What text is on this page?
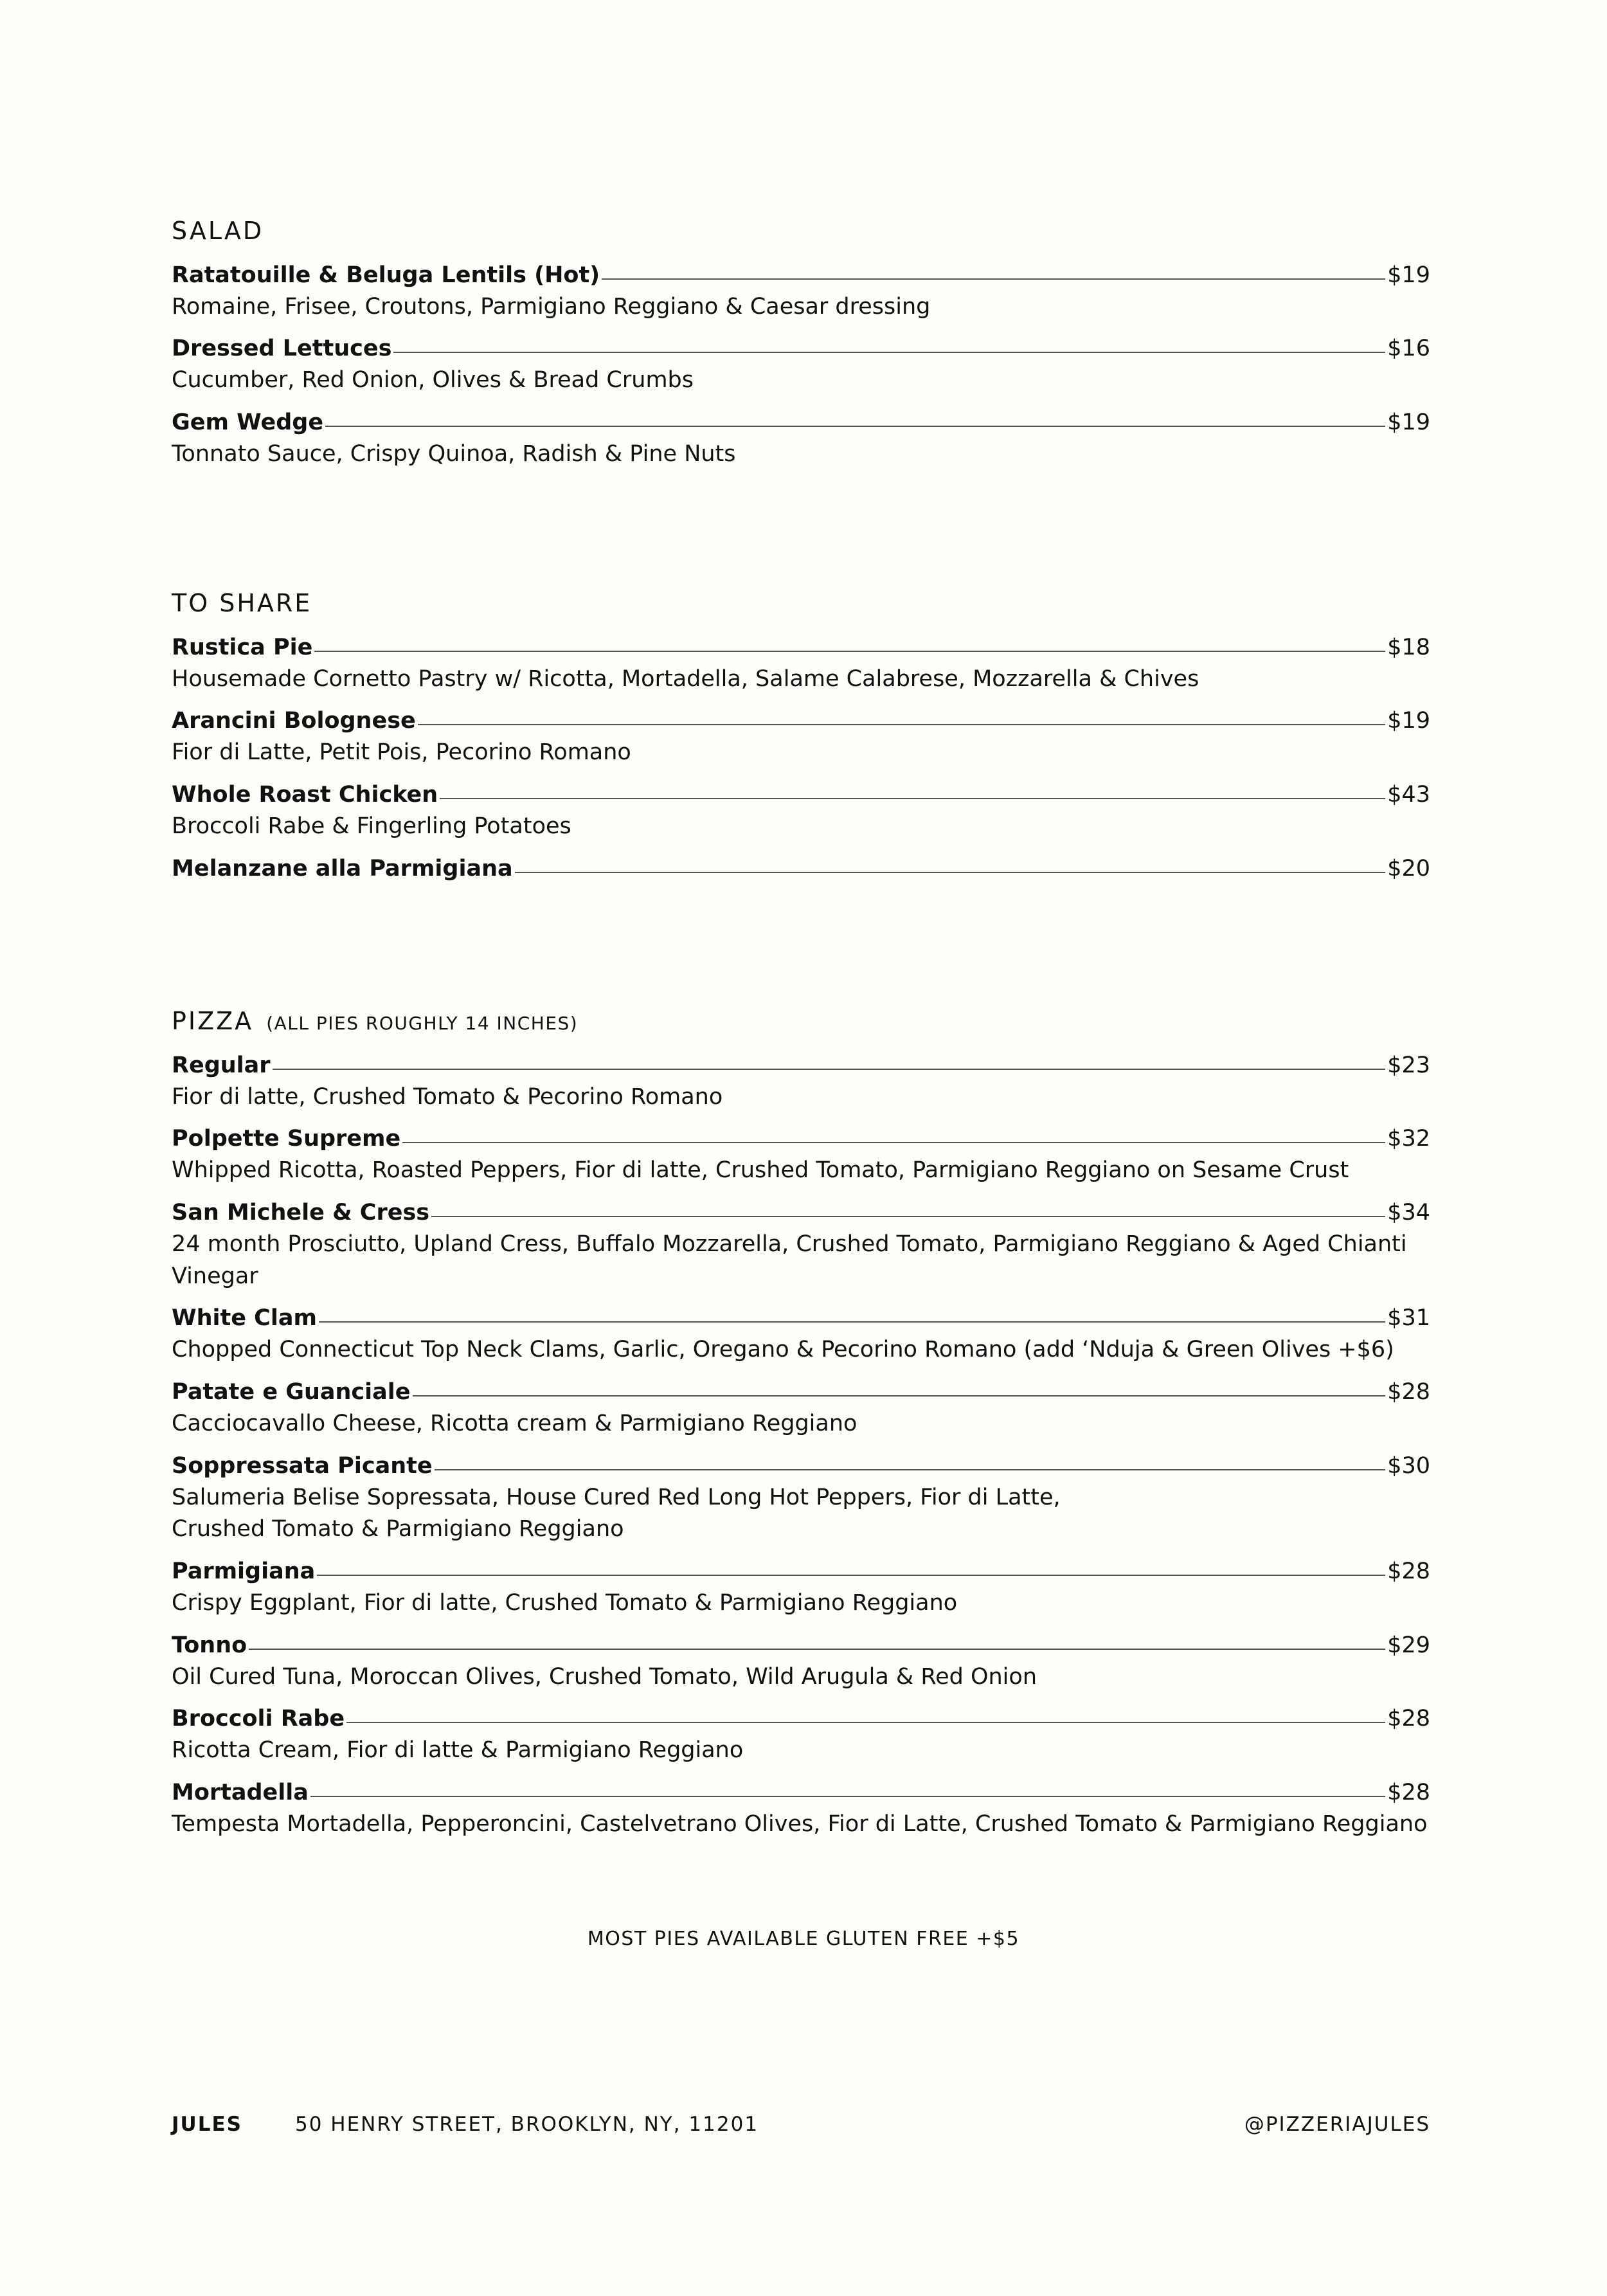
SALAD
Ratatouille & Beluga Lentils (Hot)	$19
Romaine, Frisee, Croutons, Parmigiano Reggiano & Caesar dressing
Dressed Lettuces	$16
Cucumber, Red Onion, Olives & Bread Crumbs
Gem Wedge	$19
Tonnato Sauce, Crispy Quinoa, Radish & Pine Nuts
TO SHARE
Rustica Pie	$18
Housemade Cornetto Pastry w/ Ricotta, Mortadella, Salame Calabrese, Mozzarella & Chives
Arancini Bolognese	$19
Fior di Latte, Petit Pois, Pecorino Romano
Whole Roast Chicken	$43
Broccoli Rabe & Fingerling Potatoes
Melanzane alla Parmigiana	$20
PIZZA (ALL PIES ROUGHLY 14 INCHES)
Regular	$23
Fior di latte, Crushed Tomato & Pecorino Romano
Polpette Supreme	$32
Whipped Ricotta, Roasted Peppers, Fior di latte, Crushed Tomato, Parmigiano Reggiano on Sesame Crust
San Michele & Cress	$34
24 month Prosciutto, Upland Cress, Buffalo Mozzarella, Crushed Tomato, Parmigiano Reggiano & Aged Chianti Vinegar
White Clam	$31
Chopped Connecticut Top Neck Clams, Garlic, Oregano & Pecorino Romano (add ‘Nduja & Green Olives +$6)
Patate e Guanciale	$28
Cacciocavallo Cheese, Ricotta cream & Parmigiano Reggiano
Soppressata Picante	$30
Salumeria Belise Sopressata, House Cured Red Long Hot Peppers, Fior di Latte,
Crushed Tomato & Parmigiano Reggiano
Parmigiana	$28
Crispy Eggplant, Fior di latte, Crushed Tomato & Parmigiano Reggiano
Tonno	$29
Oil Cured Tuna, Moroccan Olives, Crushed Tomato, Wild Arugula & Red Onion
Broccoli Rabe	$28
Ricotta Cream, Fior di latte & Parmigiano Reggiano
Mortadella	$28
Tempesta Mortadella, Pepperoncini, Castelvetrano Olives, Fior di Latte, Crushed Tomato & Parmigiano Reggiano
MOST PIES AVAILABLE GLUTEN FREE +$5
JULES	50 HENRY STREET, BROOKLYN, NY, 11201	@PIZZERIAJULES
